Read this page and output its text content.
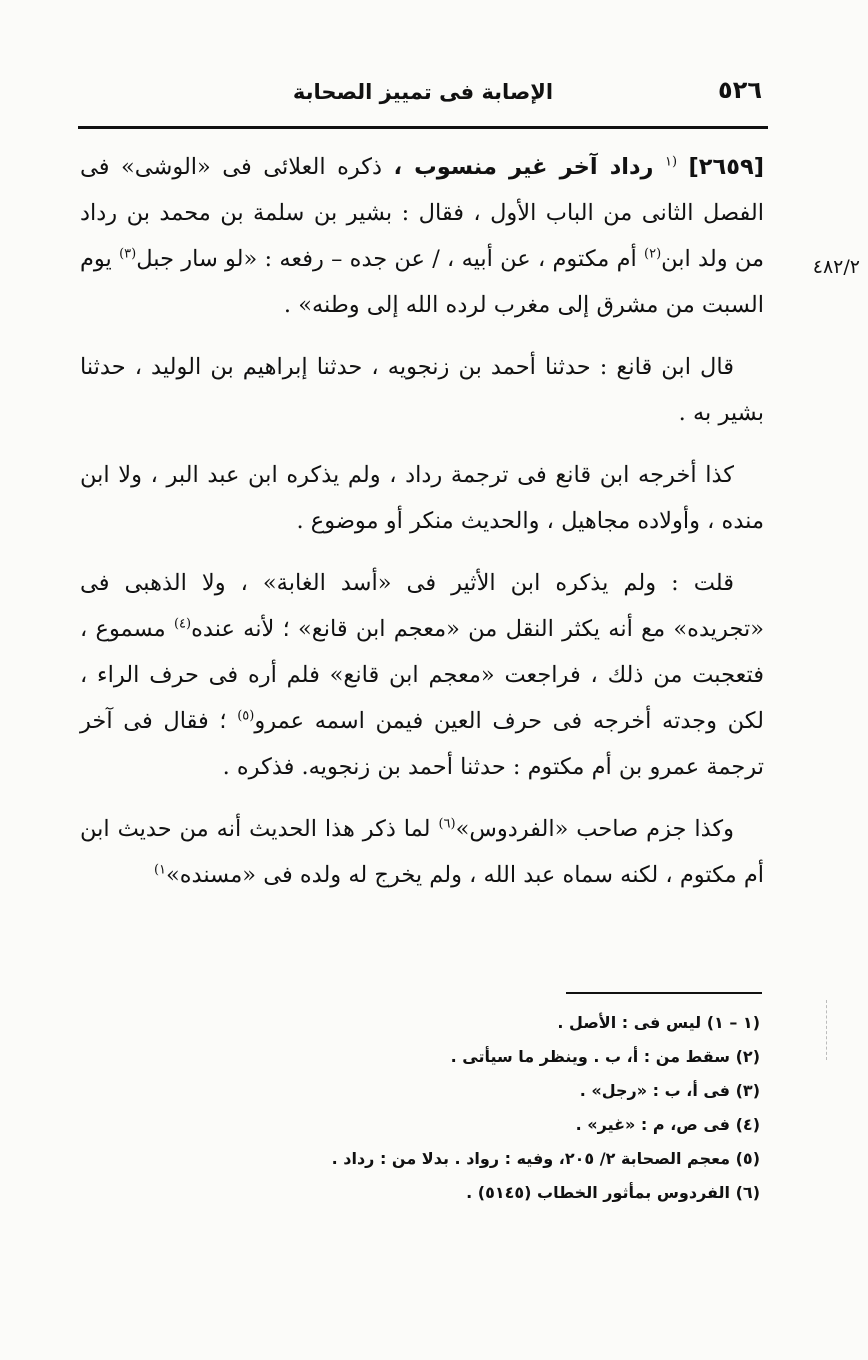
٥٢٦
الإصابة فى تمييز الصحابة
٤٨٢/٢

[٢٦٥٩] $^{(١}$ رداد آخر غير منسوب ، ذكره العلائى فى «الوشى» فى الفصل الثانى من الباب الأول ، فقال : بشير بن سلمة بن محمد بن رداد من ولد ابن$^{(٢)}$ أم مكتوم ، عن أبيه ، / عن جده – رفعه : «لو سار جبل$^{(٣)}$ يوم السبت من مشرق إلى مغرب لرده الله إلى وطنه» .

قال ابن قانع : حدثنا أحمد بن زنجويه ، حدثنا إبراهيم بن الوليد ، حدثنا بشير به .

كذا أخرجه ابن قانع فى ترجمة رداد ، ولم يذكره ابن عبد البر ، ولا ابن منده ، وأولاده مجاهيل ، والحديث منكر أو موضوع .

قلت : ولم يذكره ابن الأثير فى «أسد الغابة» ، ولا الذهبى فى «تجريده» مع أنه يكثر النقل من «معجم ابن قانع» ؛ لأنه عنده$^{(٤)}$ مسموع ، فتعجبت من ذلك ، فراجعت «معجم ابن قانع» فلم أره فى حرف الراء ، لكن وجدته أخرجه فى حرف العين فيمن اسمه عمرو$^{(٥)}$ ؛ فقال فى آخر ترجمة عمرو بن أم مكتوم : حدثنا أحمد بن زنجويه. فذكره .

وكذا جزم صاحب «الفردوس»$^{(٦)}$ لما ذكر هذا الحديث أنه من حديث ابن أم مكتوم ، لكنه سماه عبد الله ، ولم يخرج له ولده فى «مسنده»$^{١)}$

(١ – ١) ليس فى : الأصل .
(٢) سقط من : أ، ب . وينظر ما سيأتى .
(٣) فى أ، ب : «رجل» .
(٤) فى ص، م : «غير» .
(٥) معجم الصحابة ٢/ ٢٠٥، وفيه : رواد . بدلا من : رداد .
(٦) الفردوس بمأثور الخطاب (٥١٤٥) .
